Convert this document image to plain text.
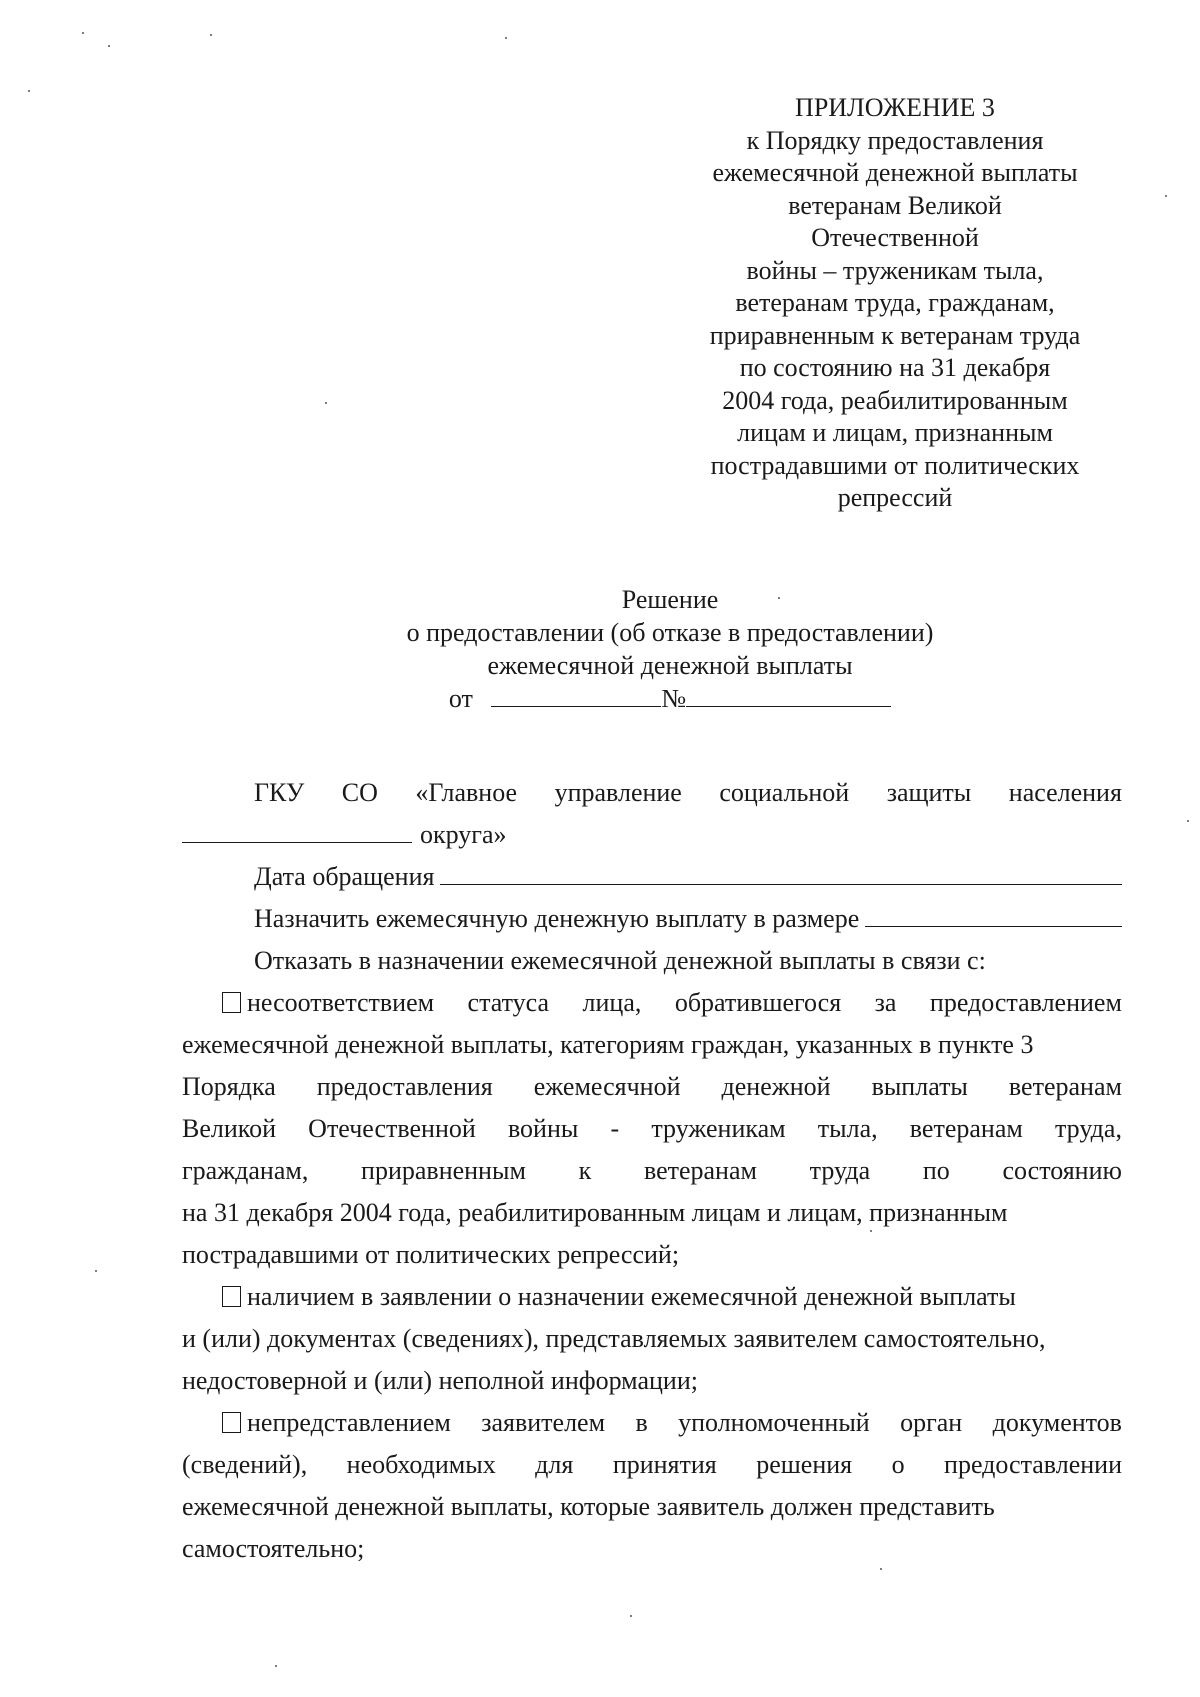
ПРИЛОЖЕНИЕ 3
к Порядку предоставления
ежемесячной денежной выплаты
ветеранам Великой
Отечественной
войны – труженикам тыла,
ветеранам труда, гражданам,
приравненным к ветеранам труда
по состоянию на 31 декабря
2004 года, реабилитированным
лицам и лицам, признанным
пострадавшими от политических
репрессий
Решение
о предоставлении (об отказе в предоставлении)
ежемесячной денежной выплаты
от	№
ГКУ СО «Главное управление социальной защиты населения
округа»
Дата обращения
Назначить ежемесячную денежную выплату в размере
Отказать в назначении ежемесячной денежной выплаты в связи с:
несоответствием статуса лица, обратившегося за предоставлением
ежемесячной денежной выплаты, категориям граждан, указанных в пункте 3
Порядка предоставления ежемесячной денежной выплаты ветеранам
Великой Отечественной войны - труженикам тыла, ветеранам труда,
гражданам, приравненным к ветеранам труда по состоянию
на 31 декабря 2004 года, реабилитированным лицам и лицам, признанным
пострадавшими от политических репрессий;
наличием в заявлении о назначении ежемесячной денежной выплаты
и (или) документах (сведениях), представляемых заявителем самостоятельно,
недостоверной и (или) неполной информации;
непредставлением заявителем в уполномоченный орган документов
(сведений), необходимых для принятия решения о предоставлении
ежемесячной денежной выплаты, которые заявитель должен представить
самостоятельно;
